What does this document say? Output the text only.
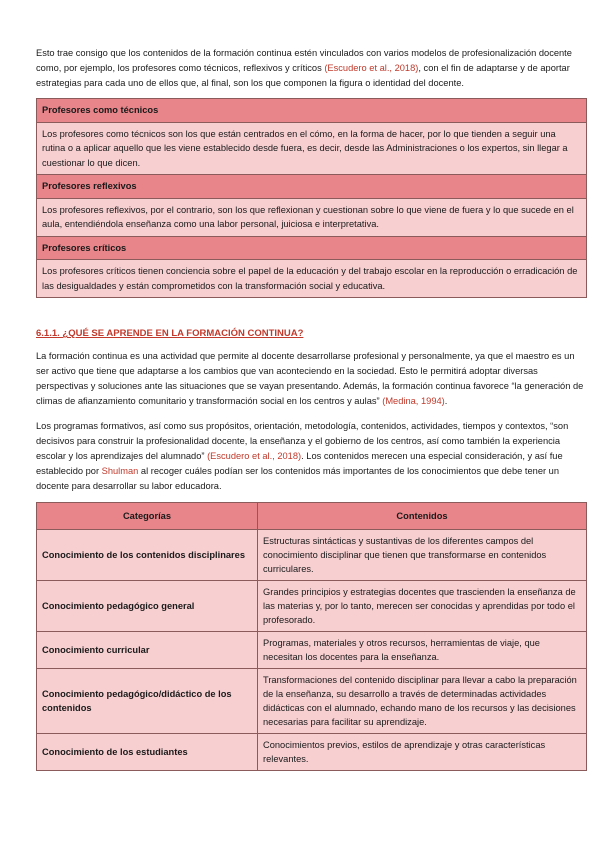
Esto trae consigo que los contenidos de la formación continua estén vinculados con varios modelos de profesionalización docente como, por ejemplo, los profesores como técnicos, reflexivos y críticos (Escudero et al., 2018), con el fin de adaptarse y de aportar estrategias para cada uno de ellos que, al final, son los que componen la figura o identidad del docente.

Profesores como técnicos
Los profesores como técnicos son los que están centrados en el cómo, en la forma de hacer, por lo que tienden a seguir una rutina o a aplicar aquello que les viene establecido desde fuera, es decir, desde las Administraciones o los expertos, sin llegar a cuestionar lo que dicen.
Profesores reflexivos
Los profesores reflexivos, por el contrario, son los que reflexionan y cuestionan sobre lo que viene de fuera y lo que sucede en el aula, entendiéndola enseñanza como una labor personal, juiciosa e interpretativa.
Profesores críticos
Los profesores críticos tienen conciencia sobre el papel de la educación y del trabajo escolar en la reproducción o erradicación de las desigualdades y están comprometidos con la transformación social y educativa.
6.1.1. ¿QUÉ SE APRENDE EN LA FORMACIÓN CONTINUA?

La formación continua es una actividad que permite al docente desarrollarse profesional y personalmente, ya que el maestro es un ser activo que tiene que adaptarse a los cambios que van aconteciendo en la sociedad. Esto le permitirá adoptar diversas perspectivas y soluciones ante las situaciones que se vayan presentando. Además, la formación continua favorece “la generación de climas de afianzamiento comunitario y transformación social en los centros y aulas” (Medina, 1994).

Los programas formativos, así como sus propósitos, orientación, metodología, contenidos, actividades, tiempos y contextos, “son decisivos para construir la profesionalidad docente, la enseñanza y el gobierno de los centros, así como también la experiencia escolar y los aprendizajes del alumnado” (Escudero et al., 2018). Los contenidos merecen una especial consideración, y así fue establecido por Shulman al recoger cuáles podían ser los contenidos más importantes de los conocimientos que debe tener un docente para desarrollar su labor educadora.

Categorías	Contenidos
Conocimiento de los contenidos disciplinares	Estructuras sintácticas y sustantivas de los diferentes campos del conocimiento disciplinar que tienen que transformarse en contenidos curriculares.
Conocimiento pedagógico general	Grandes principios y estrategias docentes que trascienden la enseñanza de las materias y, por lo tanto, merecen ser conocidas y aprendidas por todo el profesorado.
Conocimiento curricular	Programas, materiales y otros recursos, herramientas de viaje, que necesitan los docentes para la enseñanza.
Conocimiento pedagógico/didáctico de los contenidos	Transformaciones del contenido disciplinar para llevar a cabo la preparación de la enseñanza, su desarrollo a través de determinadas actividades didácticas con el alumnado, echando mano de los recursos y las decisiones necesarias para facilitar su aprendizaje.
Conocimiento de los estudiantes	Conocimientos previos, estilos de aprendizaje y otras características relevantes.
